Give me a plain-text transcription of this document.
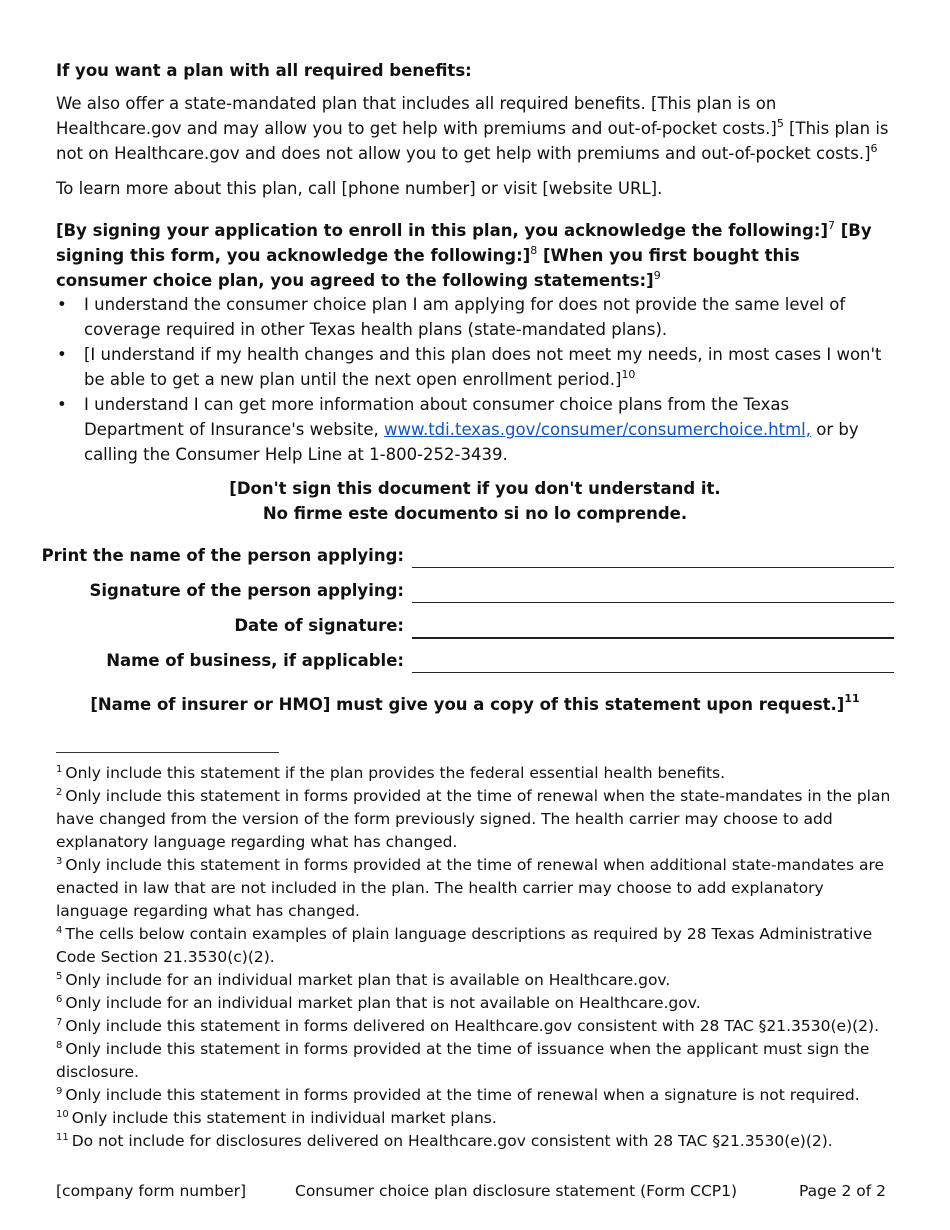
If you want a plan with all required benefits:

We also offer a state-mandated plan that includes all required benefits. [This plan is on Healthcare.gov and may allow you to get help with premiums and out-of-pocket costs.]$^5$ [This plan is not on Healthcare.gov and does not allow you to get help with premiums and out-of-pocket costs.]$^6$

To learn more about this plan, call [phone number] or visit [website URL].

[By signing your application to enroll in this plan, you acknowledge the following:]$^7$ [By signing this form, you acknowledge the following:]$^8$ [When you first bought this consumer choice plan, you agreed to the following statements:]$^9$

• I understand the consumer choice plan I am applying for does not provide the same level of coverage required in other Texas health plans (state-mandated plans).
• [I understand if my health changes and this plan does not meet my needs, in most cases I won't be able to get a new plan until the next open enrollment period.]$^{10}$
• I understand I can get more information about consumer choice plans from the Texas Department of Insurance's website, www.tdi.texas.gov/consumer/consumerchoice.html, or by calling the Consumer Help Line at 1-800-252-3439.
[Don't sign this document if you don't understand it.
No firme este documento si no lo comprende.
Print the name of the person applying:
Signature of the person applying:
Date of signature:
Name of business, if applicable:

[Name of insurer or HMO] must give you a copy of this statement upon request.]$^{11}$

$^1$ Only include this statement if the plan provides the federal essential health benefits.

$^2$ Only include this statement in forms provided at the time of renewal when the state-mandates in the plan have changed from the version of the form previously signed. The health carrier may choose to add explanatory language regarding what has changed.

$^3$ Only include this statement in forms provided at the time of renewal when additional state-mandates are enacted in law that are not included in the plan. The health carrier may choose to add explanatory language regarding what has changed.

$^4$ The cells below contain examples of plain language descriptions as required by 28 Texas Administrative Code Section 21.3530(c)(2).

$^5$ Only include for an individual market plan that is available on Healthcare.gov.

$^6$ Only include for an individual market plan that is not available on Healthcare.gov.

$^7$ Only include this statement in forms delivered on Healthcare.gov consistent with 28 TAC §21.3530(e)(2).

$^8$ Only include this statement in forms provided at the time of issuance when the applicant must sign the disclosure.

$^9$ Only include this statement in forms provided at the time of renewal when a signature is not required.

$^{10}$ Only include this statement in individual market plans.

$^{11}$ Do not include for disclosures delivered on Healthcare.gov consistent with 28 TAC §21.3530(e)(2).

[company form number]	Consumer choice plan disclosure statement (Form CCP1)	Page 2 of 2
